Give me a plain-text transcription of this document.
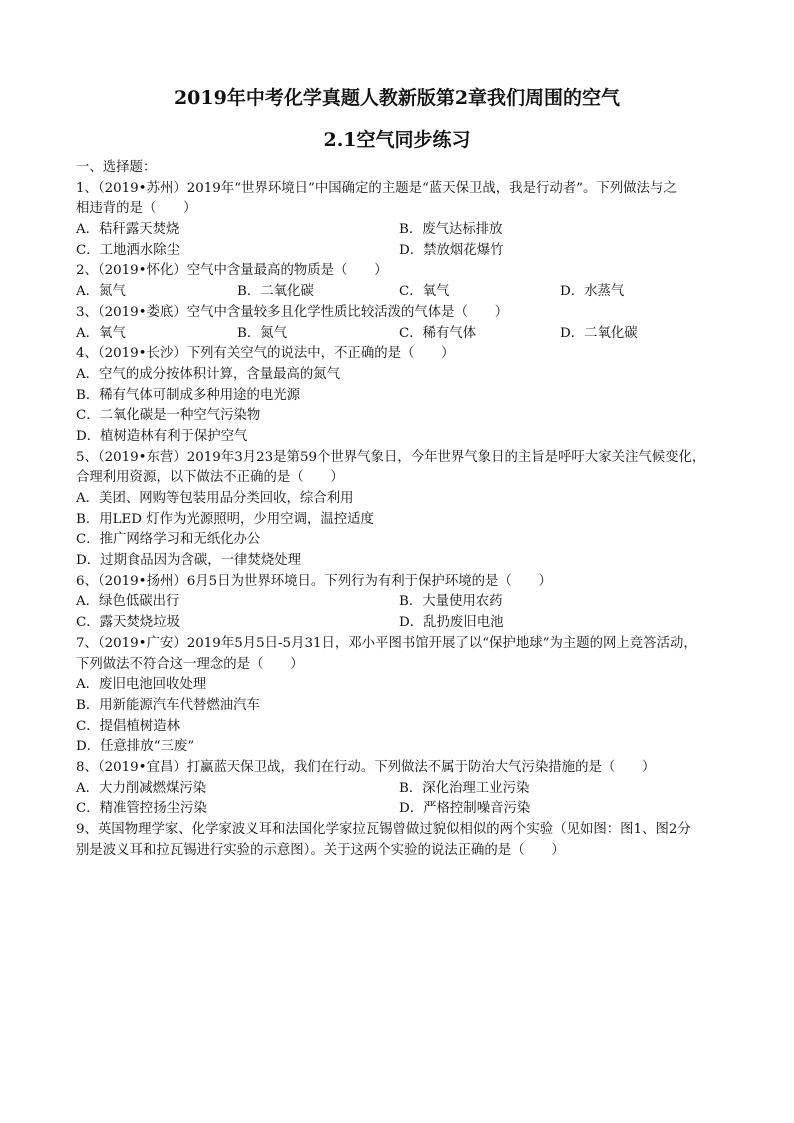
2019年中考化学真题人教新版第2章我们周围的空气
2.1空气同步练习
一、选择题：
1、（2019•苏州）2019年“世界环境日”中国确定的主题是“蓝天保卫战，我是行动者”。下列做法与之
相违背的是（　　）
A．秸秆露天焚烧	B．废气达标排放
C．工地洒水除尘	D．禁放烟花爆竹
2、（2019•怀化）空气中含量最高的物质是（　　）
A．氮气	B．二氧化碳	C．氧气	D．水蒸气
3、（2019•娄底）空气中含量较多且化学性质比较活泼的气体是（　　）
A．氧气	B．氮气	C．稀有气体	D．二氧化碳
4、（2019•长沙）下列有关空气的说法中，不正确的是（　　）
A．空气的成分按体积计算，含量最高的氮气
B．稀有气体可制成多种用途的电光源
C．二氧化碳是一种空气污染物
D．植树造林有利于保护空气
5、（2019•东营）2019年3月23是第59个世界气象日，今年世界气象日的主旨是呼吁大家关注气候变化，
合理利用资源，以下做法不正确的是（　　）
A．美团、网购等包装用品分类回收，综合利用
B．用LED 灯作为光源照明，少用空调，温控适度
C．推广网络学习和无纸化办公
D．过期食品因为含碳，一律焚烧处理
6、（2019•扬州）6月5日为世界环境日。下列行为有利于保护环境的是（　　）
A．绿色低碳出行	B．大量使用农药
C．露天焚烧垃圾	D．乱扔废旧电池
7、（2019•广安）2019年5月5日-5月31日，邓小平图书馆开展了以“保护地球”为主题的网上竞答活动，
下列做法不符合这一理念的是（　　）
A．废旧电池回收处理
B．用新能源汽车代替燃油汽车
C．提倡植树造林
D．任意排放“三废”
8、（2019•宜昌）打赢蓝天保卫战，我们在行动。下列做法不属于防治大气污染措施的是（　　）
A．大力削减燃煤污染	B．深化治理工业污染
C．精准管控扬尘污染	D．严格控制噪音污染
9、英国物理学家、化学家波义耳和法国化学家拉瓦锡曾做过貌似相似的两个实验（见如图：图1、图2分
别是波义耳和拉瓦锡进行实验的示意图）。关于这两个实验的说法正确的是（　　）
